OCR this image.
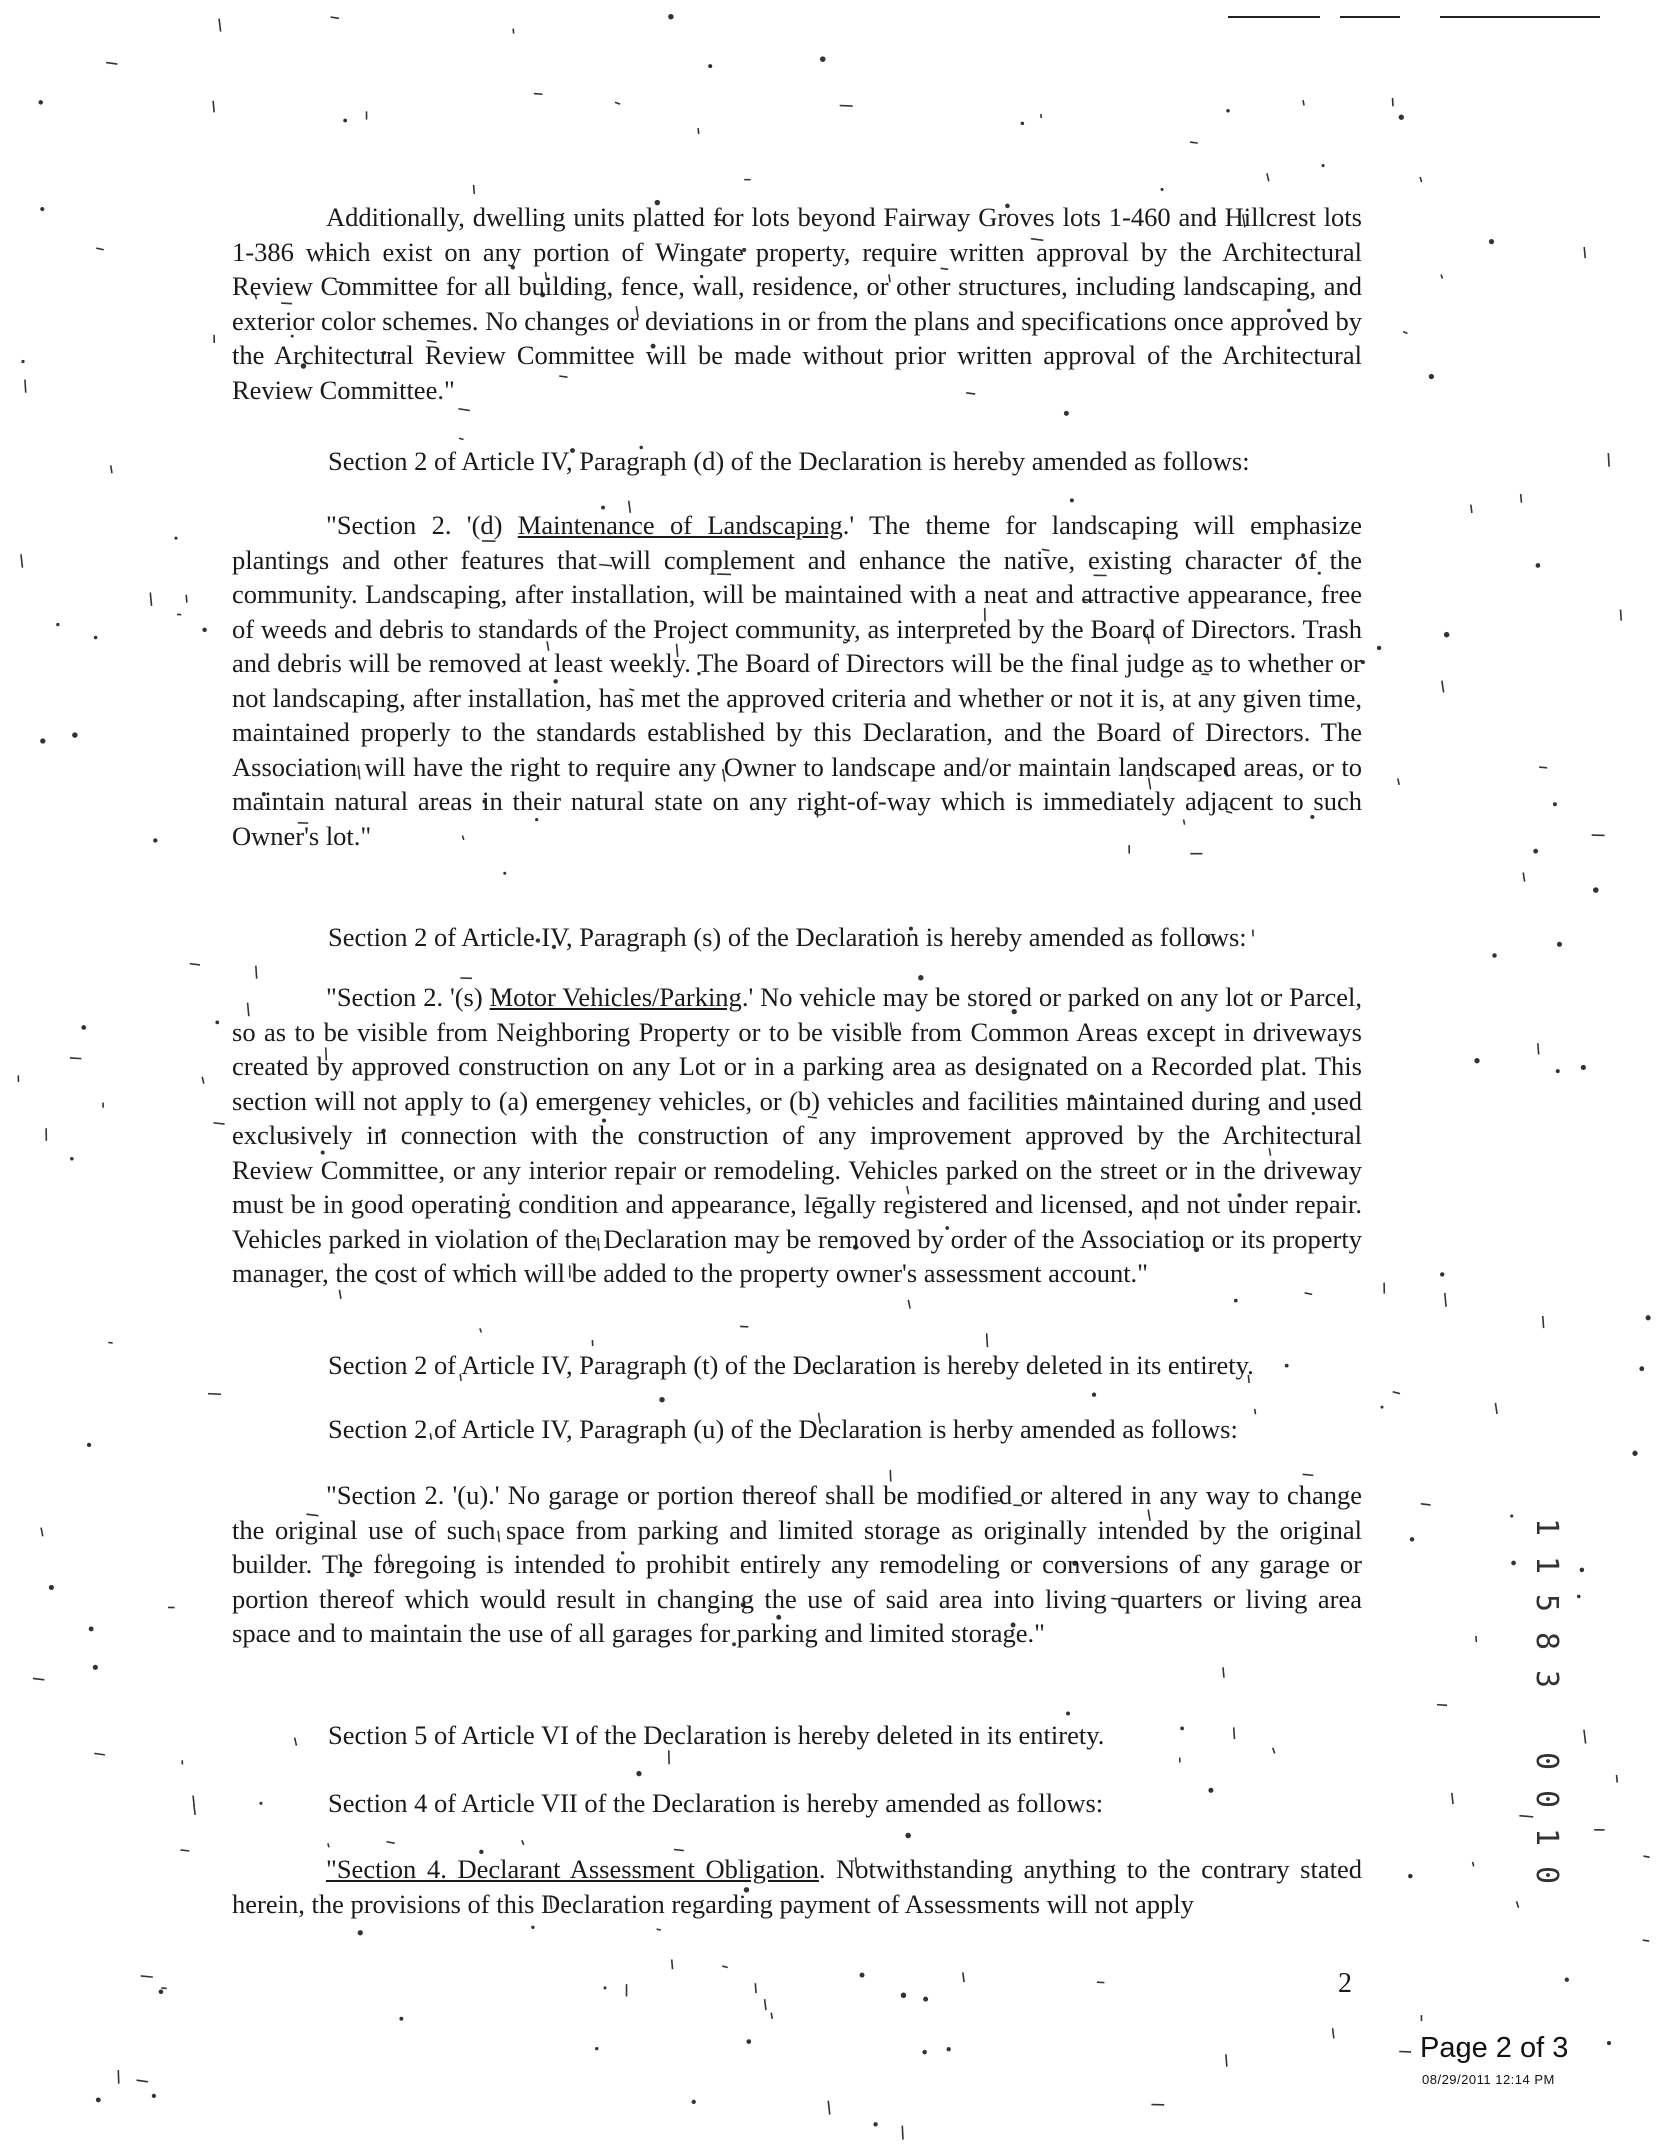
Additionally, dwelling units platted for lots beyond Fairway Groves lots 1-460 and Hillcrest lots 1-386 which exist on any portion of Wingate property, require written approval by the Architectural Review Committee for all building, fence, wall, residence, or other structures, including landscaping, and exterior color schemes. No changes or deviations in or from the plans and specifications once approved by the Architectural Review Committee will be made without prior written approval of the Architectural Review Committee."

Section 2 of Article IV, Paragraph (d) of the Declaration is hereby amended as follows:

"Section 2. '(d) Maintenance of Landscaping.' The theme for landscaping will emphasize plantings and other features that will complement and enhance the native, existing character of the community. Landscaping, after installation, will be maintained with a neat and attractive appearance, free of weeds and debris to standards of the Project community, as interpreted by the Board of Directors. Trash and debris will be removed at least weekly. The Board of Directors will be the final judge as to whether or not landscaping, after installation, has met the approved criteria and whether or not it is, at any given time, maintained properly to the standards established by this Declaration, and the Board of Directors. The Association will have the right to require any Owner to landscape and/or maintain landscaped areas, or to maintain natural areas in their natural state on any right-of-way which is immediately adjacent to such Owner's lot."

Section 2 of Article IV, Paragraph (s) of the Declaration is hereby amended as follows:

"Section 2. '(s) Motor Vehicles/Parking.' No vehicle may be stored or parked on any lot or Parcel, so as to be visible from Neighboring Property or to be visible from Common Areas except in driveways created by approved construction on any Lot or in a parking area as designated on a Recorded plat. This section will not apply to (a) emergency vehicles, or (b) vehicles and facilities maintained during and used exclusively in connection with the construction of any improvement approved by the Architectural Review Committee, or any interior repair or remodeling. Vehicles parked on the street or in the driveway must be in good operating condition and appearance, legally registered and licensed, and not under repair. Vehicles parked in violation of the Declaration may be removed by order of the Association or its property manager, the cost of which will be added to the property owner's assessment account."

Section 2 of Article IV, Paragraph (t) of the Declaration is hereby deleted in its entirety.

Section 2 of Article IV, Paragraph (u) of the Declaration is herby amended as follows:

"Section 2. '(u).' No garage or portion thereof shall be modified or altered in any way to change the original use of such space from parking and limited storage as originally intended by the original builder. The foregoing is intended to prohibit entirely any remodeling or conversions of any garage or portion thereof which would result in changing the use of said area into living quarters or living area space and to maintain the use of all garages for parking and limited storage."

Section 5 of Article VI of the Declaration is hereby deleted in its entirety.

Section 4 of Article VII of the Declaration is hereby amended as follows:

"Section 4. Declarant Assessment Obligation. Notwithstanding anything to the contrary stated herein, the provisions of this Declaration regarding payment of Assessments will not apply

2
1
1
5
8
3
0
0
1
0
Page 2 of 3
08/29/2011 12:14 PM
